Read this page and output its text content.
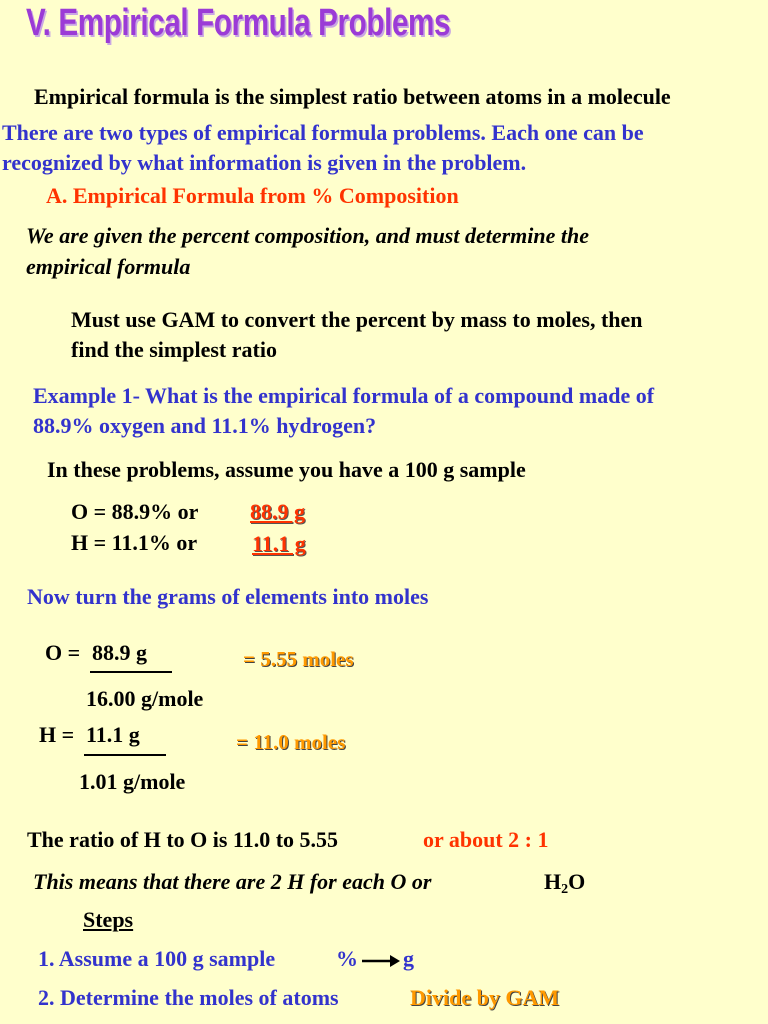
V. Empirical Formula Problems
Empirical formula is the simplest ratio between atoms in a molecule
There are two types of empirical formula problems. Each one can be
recognized by what information is given in the problem.
A. Empirical Formula from % Composition
We are given the percent composition, and must determine the
empirical formula
Must use GAM to convert the percent by mass to moles, then
find the simplest ratio
Example 1- What is the empirical formula of a compound made of
88.9% oxygen and 11.1% hydrogen?
In these problems, assume you have a 100 g sample
O = 88.9% or 88.9 g
H = 11.1% or 11.1 g
Now turn the grams of elements into moles
O = 88.9 g	= 5.55 moles
16.00 g/mole
H = 11.1 g	= 11.0 moles
1.01 g/mole
The ratio of H to O is 11.0 to 5.55	or about 2 : 1
This means that there are 2 H for each O or	$H_2O$
Steps
1. Assume a 100 g sample	% g
2. Determine the moles of atoms	Divide by GAM
